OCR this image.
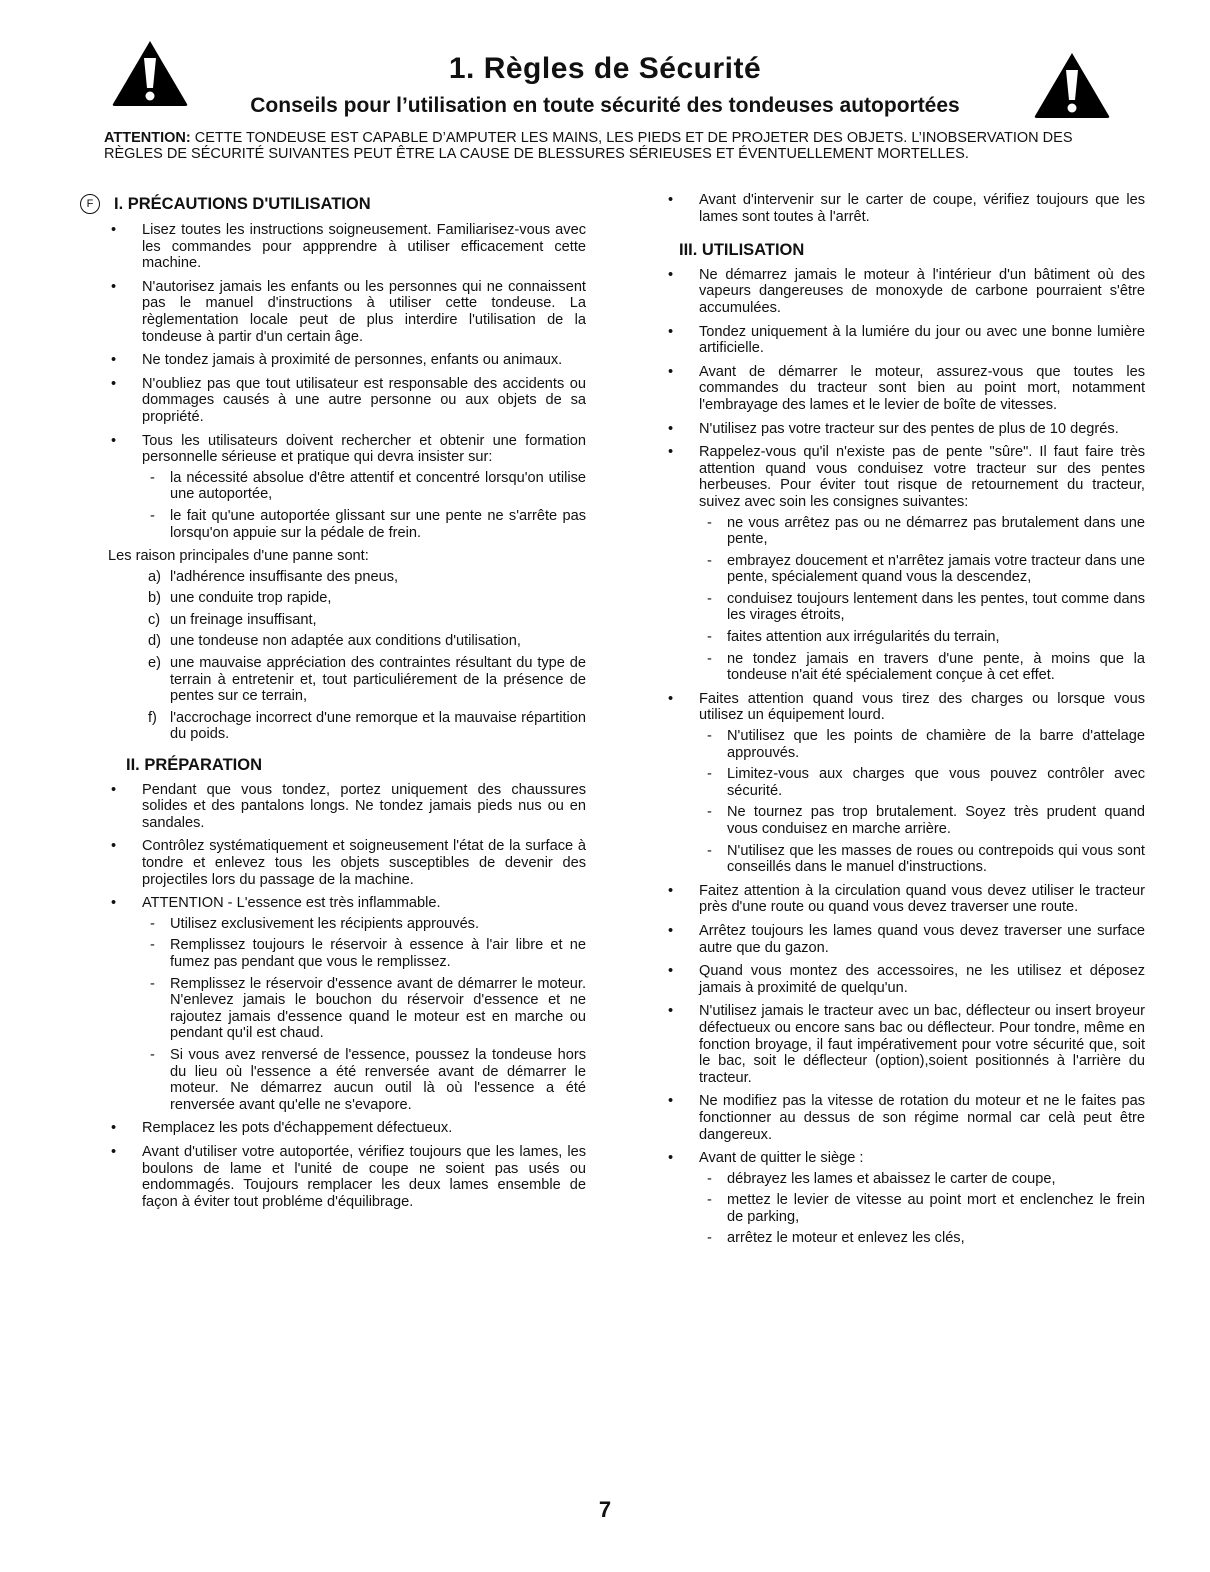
1. Règles de Sécurité
Conseils pour l’utilisation en toute sécurité des tondeuses autoportées
ATTENTION: CETTE TONDEUSE EST CAPABLE D’AMPUTER LES MAINS, LES PIEDS ET DE PROJETER DES OBJETS. L’INOBSERVATION DES RÈGLES DE SÉCURITÉ SUIVANTES PEUT ÊTRE LA CAUSE DE BLESSURES SÉRIEUSES ET ÉVENTUELLEMENT MORTELLES.
F	I. PRÉCAUTIONS D'UTILISATION
• Lisez toutes les instructions soigneusement. Familiarisez-vous avec les commandes pour appprendre à utiliser efficacement cette machine.
• N'autorisez jamais les enfants ou les personnes qui ne connaissent pas le manuel d'instructions à utiliser cette tondeuse. La règlementation locale peut de plus interdire l'utilisation de la tondeuse à partir d'un certain âge.
• Ne tondez jamais à proximité de personnes, enfants ou animaux.
• N'oubliez pas que tout utilisateur est responsable des accidents ou dommages causés à une autre personne ou aux objets de sa propriété.
• Tous les utilisateurs doivent rechercher et obtenir une formation personnelle sérieuse et pratique qui devra insister sur:
- la nécessité absolue d'être attentif et concentré lorsqu'on utilise une autoportée,
- le fait qu'une autoportée glissant sur une pente ne s'arrête pas lorsqu'on appuie sur la pédale de frein.
Les raison principales d'une panne sont:
a) l'adhérence insuffisante des pneus,
b) une conduite trop rapide,
c) un freinage insuffisant,
d) une tondeuse non adaptée aux conditions d'utilisation,
e) une mauvaise appréciation des contraintes résultant du type de terrain à entretenir et, tout particuliérement de la présence de pentes sur ce terrain,
f) l'accrochage incorrect d'une remorque et la mauvaise répartition du poids.
II. PRÉPARATION
• Pendant que vous tondez, portez uniquement des chaussures solides et des pantalons longs. Ne tondez jamais pieds nus ou en sandales.
• Contrôlez systématiquement et soigneusement l'état de la surface à tondre et enlevez tous les objets susceptibles de devenir des projectiles lors du passage de la machine.
• ATTENTION - L'essence est très inflammable.
- Utilisez exclusivement les récipients approuvés.
- Remplissez toujours le réservoir à essence à l'air libre et ne fumez pas pendant que vous le remplissez.
- Remplissez le réservoir d'essence avant de démarrer le moteur. N'enlevez jamais le bouchon du réservoir d'essence et ne rajoutez jamais d'essence quand le moteur est en marche ou pendant qu'il est chaud.
- Si vous avez renversé de l'essence, poussez la tondeuse hors du lieu où l'essence a été renversée avant de démarrer le moteur. Ne démarrez aucun outil là où l'essence a été renversée avant qu'elle ne s'evapore.
• Remplacez les pots d'échappement défectueux.
• Avant d'utiliser votre autoportée, vérifiez toujours que les lames, les boulons de lame et l'unité de coupe ne soient pas usés ou endommagés. Toujours remplacer les deux lames ensemble de façon à éviter tout probléme d'équilibrage.
• Avant d'intervenir sur le carter de coupe, vérifiez toujours que les lames sont toutes à l'arrêt.
III. UTILISATION
• Ne démarrez jamais le moteur à l'intérieur d'un bâtiment où des vapeurs dangereuses de monoxyde de carbone pourraient s'être accumulées.
• Tondez uniquement à la lumiére du jour ou avec une bonne lumière artificielle.
• Avant de démarrer le moteur, assurez-vous que toutes les commandes du tracteur sont bien au point mort, notamment l'embrayage des lames et le levier de boîte de vitesses.
• N'utilisez pas votre tracteur sur des pentes de plus de 10 degrés.
• Rappelez-vous qu'il n'existe pas de pente "sûre". Il faut faire très attention quand vous conduisez votre tracteur sur des pentes herbeuses. Pour éviter tout risque de retournement du tracteur, suivez avec soin les consignes suivantes:
- ne vous arrêtez pas ou ne démarrez pas brutalement dans une pente,
- embrayez doucement et n'arrêtez jamais votre tracteur dans une pente, spécialement quand vous la descendez,
- conduisez toujours lentement dans les pentes, tout comme dans les virages étroits,
- faites attention aux irrégularités du terrain,
- ne tondez jamais en travers d'une pente, à moins que la tondeuse n'ait été spécialement conçue à cet effet.
• Faites attention quand vous tirez des charges ou lorsque vous utilisez un équipement lourd.
- N'utilisez que les points de chamière de la barre d'attelage approuvés.
- Limitez-vous aux charges que vous pouvez contrôler avec sécurité.
- Ne tournez pas trop brutalement. Soyez très prudent quand vous conduisez en marche arrière.
- N'utilisez que les masses de roues ou contrepoids qui vous sont conseillés dans le manuel d'instructions.
• Faitez attention à la circulation quand vous devez utiliser le tracteur près d'une route ou quand vous devez traverser une route.
• Arrêtez toujours les lames quand vous devez traverser une surface autre que du gazon.
• Quand vous montez des accessoires, ne les utilisez et déposez jamais à proximité de quelqu'un.
• N'utilisez jamais le tracteur avec un bac, déflecteur ou insert broyeur défectueux ou encore sans bac ou déflecteur. Pour tondre, même en fonction broyage, il faut impérativement pour votre sécurité que, soit le bac, soit le déflecteur (option),soient positionnés à l'arrière du tracteur.
• Ne modifiez pas la vitesse de rotation du moteur et ne le faites pas fonctionner au dessus de son régime normal car celà peut être dangereux.
• Avant de quitter le siège :
- débrayez les lames et abaissez le carter de coupe,
- mettez le levier de vitesse au point mort et enclenchez le frein de parking,
- arrêtez le moteur et enlevez les clés,
7
